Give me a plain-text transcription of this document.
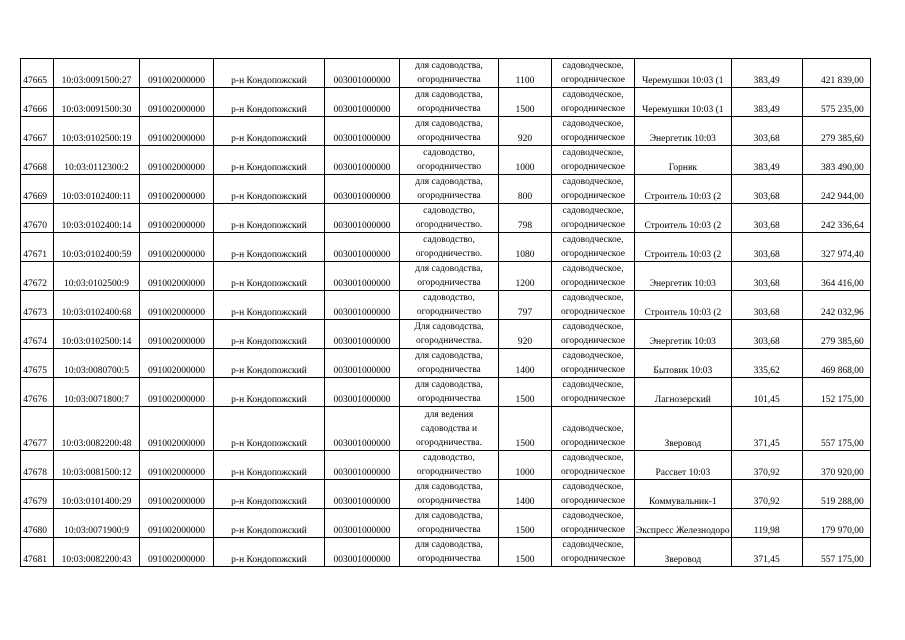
47665	10:03:0091500:27	091002000000	р-н Кондопожский	003001000000	для садоводства, огородничества	1100	садоводческое, огородническое	Черемушки 10:03 (1	383,49	421 839,00
47666	10:03:0091500:30	091002000000	р-н Кондопожский	003001000000	для садоводства, огородничества	1500	садоводческое, огородническое	Черемушки 10:03 (1	383,49	575 235,00
47667	10:03:0102500:19	091002000000	р-н Кондопожский	003001000000	для садоводства, огородничества	920	садоводческое, огородническое	Энергетик 10:03	303,68	279 385,60
47668	10:03:0112300:2	091002000000	р-н Кондопожский	003001000000	садоводство, огородничество	1000	садоводческое, огородническое	Горняк	383,49	383 490,00
47669	10:03:0102400:11	091002000000	р-н Кондопожский	003001000000	для садоводства, огородничества	800	садоводческое, огородническое	Строитель 10:03 (2	303,68	242 944,00
47670	10:03:0102400:14	091002000000	р-н Кондопожский	003001000000	садоводство, огородничество.	798	садоводческое, огородническое	Строитель 10:03 (2	303,68	242 336,64
47671	10:03:0102400:59	091002000000	р-н Кондопожский	003001000000	садоводство, огородничество.	1080	садоводческое, огородническое	Строитель 10:03 (2	303,68	327 974,40
47672	10:03:0102500:9	091002000000	р-н Кондопожский	003001000000	для садоводства, огородничества	1200	садоводческое, огородническое	Энергетик 10:03	303,68	364 416,00
47673	10:03:0102400:68	091002000000	р-н Кондопожский	003001000000	садоводство, огородничество	797	садоводческое, огородническое	Строитель 10:03 (2	303,68	242 032,96
47674	10:03:0102500:14	091002000000	р-н Кондопожский	003001000000	Для садоводства, огородничества.	920	садоводческое, огородническое	Энергетик 10:03	303,68	279 385,60
47675	10:03:0080700:5	091002000000	р-н Кондопожский	003001000000	для садоводства, огородничества	1400	садоводческое, огородническое	Бытовик 10:03	335,62	469 868,00
47676	10:03:0071800:7	091002000000	р-н Кондопожский	003001000000	для садоводства, огородничества	1500	садоводческое, огородническое	Лагнозерский	101,45	152 175,00
47677	10:03:0082200:48	091002000000	р-н Кондопожский	003001000000	для ведения садоводства и огородничества.	1500	садоводческое, огородническое	Зверовод	371,45	557 175,00
47678	10:03:0081500:12	091002000000	р-н Кондопожский	003001000000	садоводство, огородничество	1000	садоводческое, огородническое	Рассвет 10:03	370,92	370 920,00
47679	10:03:0101400:29	091002000000	р-н Кондопожский	003001000000	для садоводства, огородничества	1400	садоводческое, огородническое	Коммувальник-1	370,92	519 288,00
47680	10:03:0071900:9	091002000000	р-н Кондопожский	003001000000	для садоводства, огородничества	1500	садоводческое, огородническое	Экспресс Железнодоро	119,98	179 970,00
47681	10:03:0082200:43	091002000000	р-н Кондопожский	003001000000	для садоводства, огородничества	1500	садоводческое, огородническое	Зверовод	371,45	557 175,00
